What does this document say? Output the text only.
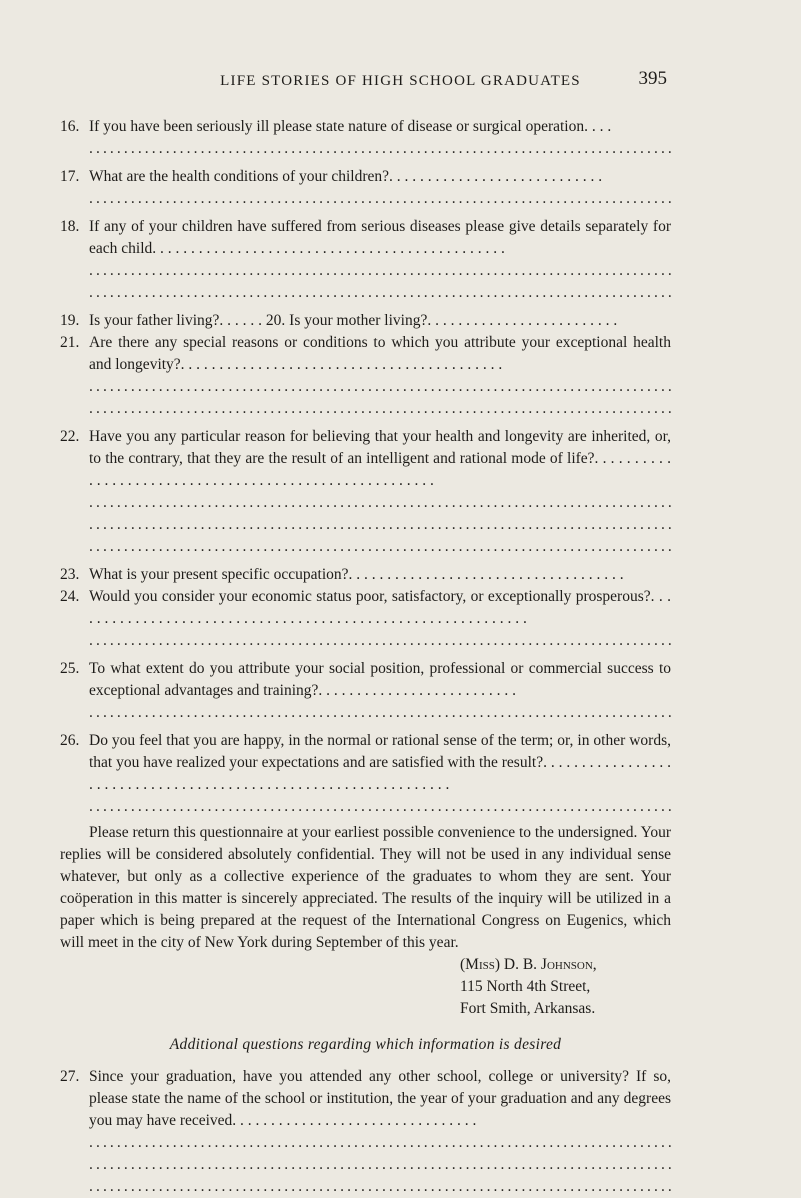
LIFE STORIES OF HIGH SCHOOL GRADUATES	395
16. If you have been seriously ill please state nature of disease or surgical operation. . . .
.....
17. What are the health conditions of your children?. . . . . . . . . . . . . . . . . . . . . . . . . . . .
.....
18. If any of your children have suffered from serious diseases please give details separately for each child. . . . . . . . . . . . . . . . . . . . . . . . . . . . . . . . . . . . . . . . . . . . . .
.....
.....
19. Is your father living?. . . . . . 20. Is your mother living?. . . . . . . . . . . . . . . . . . . . . . . . .
21. Are there any special reasons or conditions to which you attribute your exceptional health and longevity?. . . . . . . . . . . . . . . . . . . . . . . . . . . . . . . . . . . . . . . . . .
.....
.....
22. Have you any particular reason for believing that your health and longevity are inherited, or, to the contrary, that they are the result of an intelligent and rational mode of life?. . . . . . . . . . . . . . . . . . . . . . . . . . . . . . . . . . . . . . . . . . . . . . . . . . . . . . .
.....
.....
.....
23. What is your present specific occupation?. . . . . . . . . . . . . . . . . . . . . . . . . . . . . . . . . . . .
24. Would you consider your economic status poor, satisfactory, or exceptionally prosperous?. . . . . . . . . . . . . . . . . . . . . . . . . . . . . . . . . . . . . . . . . . . . . . . . . . . . . . . . . . . .
.....
25. To what extent do you attribute your social position, professional or commercial success to exceptional advantages and training?. . . . . . . . . . . . . . . . . . . . . . . . . .
.....
26. Do you feel that you are happy, in the normal or rational sense of the term; or, in other words, that you have realized your expectations and are satisfied with the result?. . . . . . . . . . . . . . . . . . . . . . . . . . . . . . . . . . . . . . . . . . . . . . . . . . . . . . . . . . . . . . . .
.....
Please return this questionnaire at your earliest possible convenience to the undersigned. Your replies will be considered absolutely confidential. They will not be used in any individual sense whatever, but only as a collective experience of the graduates to whom they are sent. Your coöperation in this matter is sincerely appreciated. The results of the inquiry will be utilized in a paper which is being prepared at the request of the International Congress on Eugenics, which will meet in the city of New York during September of this year.
(Miss) D. B. Johnson,
115 North 4th Street,
Fort Smith, Arkansas.
Additional questions regarding which information is desired
27. Since your graduation, have you attended any other school, college or university? If so, please state the name of the school or institution, the year of your graduation and any degrees you may have received. . . . . . . . . . . . . . . . . . . . . . . . . . . . . . . .
.....
.....
.....
